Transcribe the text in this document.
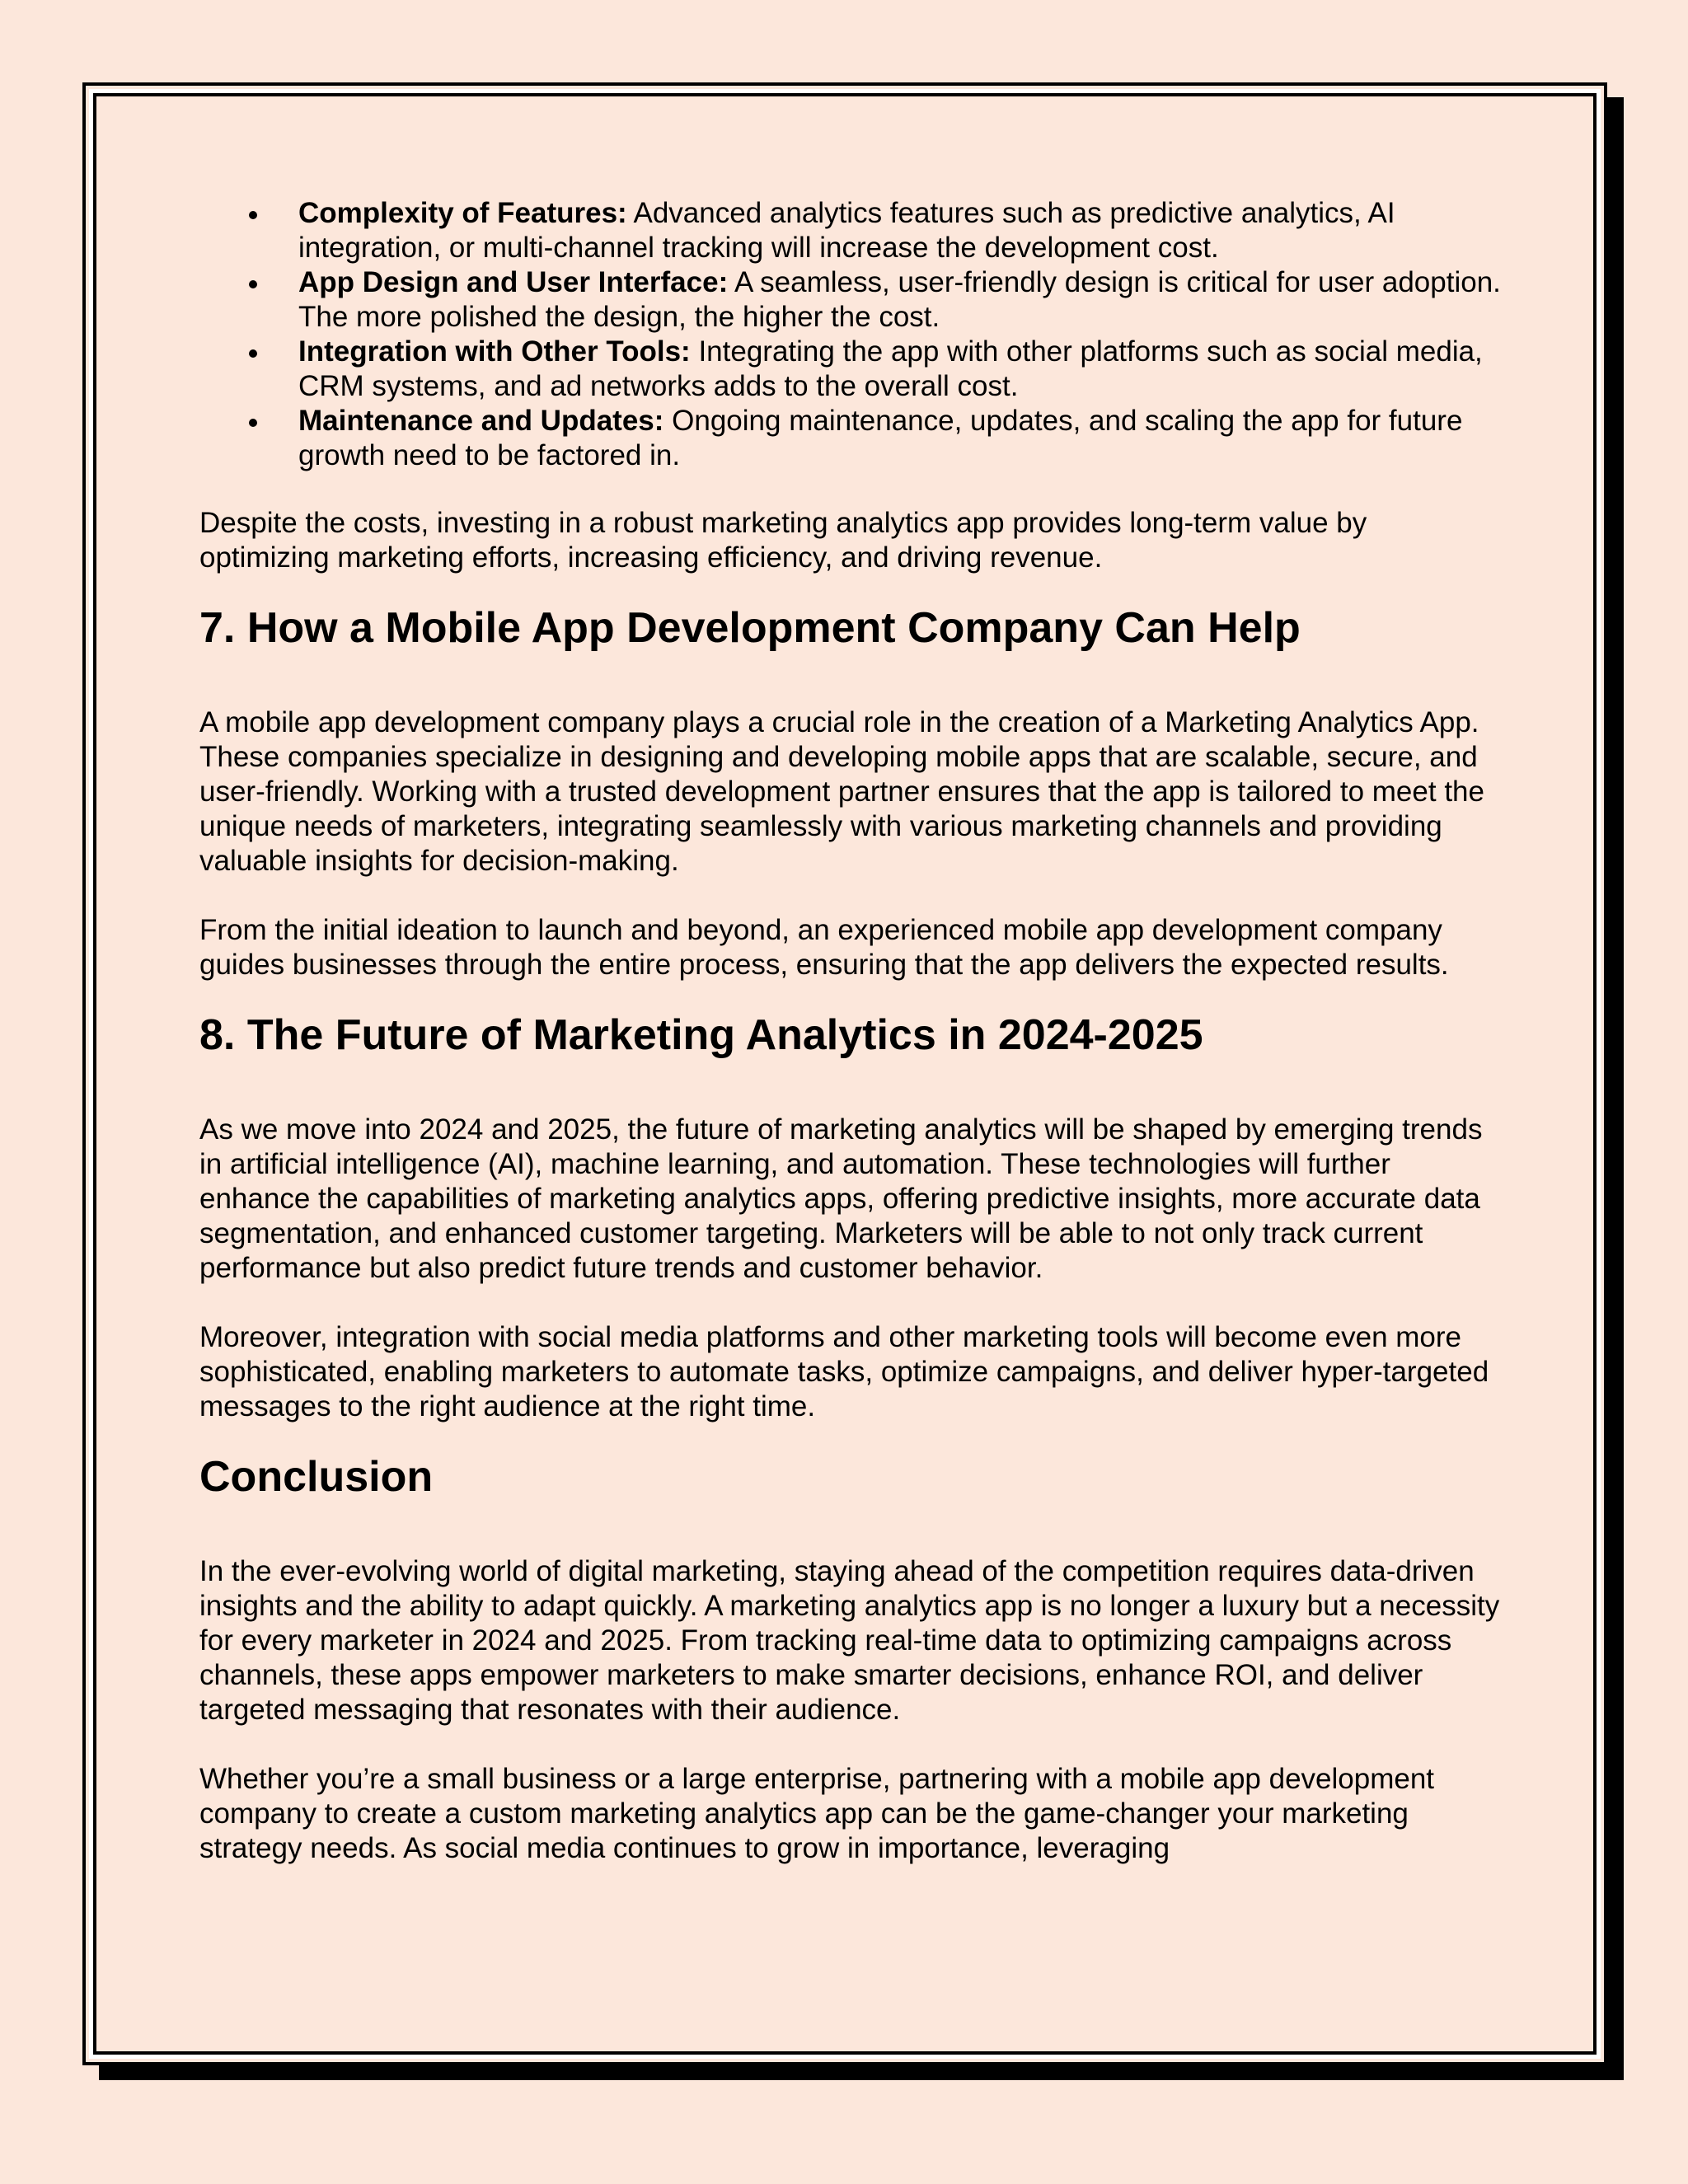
Complexity of Features: Advanced analytics features such as predictive analytics, AI integration, or multi-channel tracking will increase the development cost.
App Design and User Interface: A seamless, user-friendly design is critical for user adoption. The more polished the design, the higher the cost.
Integration with Other Tools: Integrating the app with other platforms such as social media, CRM systems, and ad networks adds to the overall cost.
Maintenance and Updates: Ongoing maintenance, updates, and scaling the app for future growth need to be factored in.

Despite the costs, investing in a robust marketing analytics app provides long-term value by optimizing marketing efforts, increasing efficiency, and driving revenue.

7. How a Mobile App Development Company Can Help

A mobile app development company plays a crucial role in the creation of a Marketing Analytics App. These companies specialize in designing and developing mobile apps that are scalable, secure, and user-friendly. Working with a trusted development partner ensures that the app is tailored to meet the unique needs of marketers, integrating seamlessly with various marketing channels and providing valuable insights for decision-making.

From the initial ideation to launch and beyond, an experienced mobile app development company guides businesses through the entire process, ensuring that the app delivers the expected results.

8. The Future of Marketing Analytics in 2024-2025

As we move into 2024 and 2025, the future of marketing analytics will be shaped by emerging trends in artificial intelligence (AI), machine learning, and automation. These technologies will further enhance the capabilities of marketing analytics apps, offering predictive insights, more accurate data segmentation, and enhanced customer targeting. Marketers will be able to not only track current performance but also predict future trends and customer behavior.

Moreover, integration with social media platforms and other marketing tools will become even more sophisticated, enabling marketers to automate tasks, optimize campaigns, and deliver hyper-targeted messages to the right audience at the right time.

Conclusion

In the ever-evolving world of digital marketing, staying ahead of the competition requires data-driven insights and the ability to adapt quickly. A marketing analytics app is no longer a luxury but a necessity for every marketer in 2024 and 2025. From tracking real-time data to optimizing campaigns across channels, these apps empower marketers to make smarter decisions, enhance ROI, and deliver targeted messaging that resonates with their audience.

Whether you’re a small business or a large enterprise, partnering with a mobile app development company to create a custom marketing analytics app can be the game-changer your marketing strategy needs. As social media continues to grow in importance, leveraging
